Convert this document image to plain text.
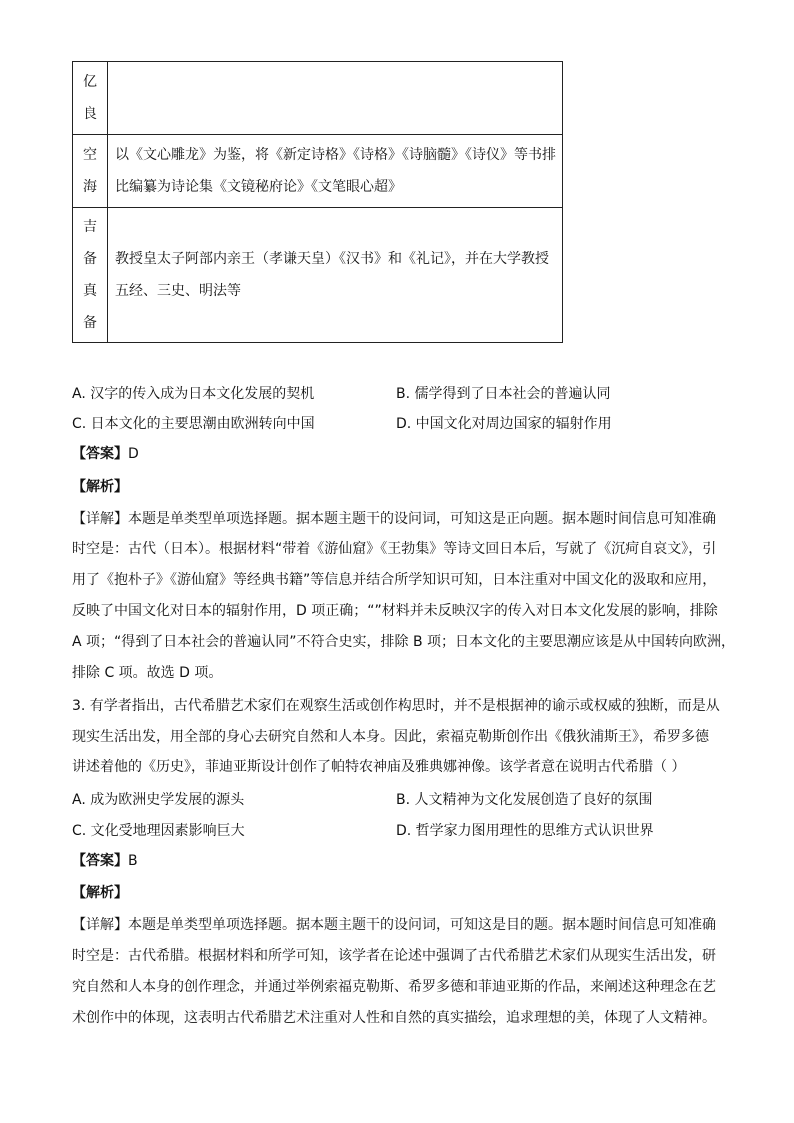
亿
良	

空
海	以《文心雕龙》为鉴，将《新定诗格》《诗格》《诗脑髓》《诗仪》等书排
比编纂为诗论集《文镜秘府论》《文笔眼心超》

吉
备
真
备	教授皇太子阿部内亲王（孝谦天皇）《汉书》和《礼记》，并在大学教授
五经、三史、明法等
A. 汉字的传入成为日本文化发展的契机	B. 儒学得到了日本社会的普遍认同
C. 日本文化的主要思潮由欧洲转向中国	D. 中国文化对周边国家的辐射作用
【答案】D
【解析】
【详解】本题是单类型单项选择题。据本题主题干的设问词，可知这是正向题。据本题时间信息可知准确
时空是：古代（日本）。根据材料“带着《游仙窟》《王勃集》等诗文回日本后，写就了《沉疴自哀文》，引
用了《抱朴子》《游仙窟》等经典书籍”等信息并结合所学知识可知，日本注重对中国文化的汲取和应用，
反映了中国文化对日本的辐射作用，D 项正确；“”材料并未反映汉字的传入对日本文化发展的影响，排除
A 项；“得到了日本社会的普遍认同”不符合史实，排除 B 项；日本文化的主要思潮应该是从中国转向欧洲，
排除 C 项。故选 D 项。
3. 有学者指出，古代希腊艺术家们在观察生活或创作构思时，并不是根据神的谕示或权威的独断，而是从
现实生活出发，用全部的身心去研究自然和人本身。因此，索福克勒斯创作出《俄狄浦斯王》，希罗多德
讲述着他的《历史》，菲迪亚斯设计创作了帕特农神庙及雅典娜神像。该学者意在说明古代希腊（ ）
A. 成为欧洲史学发展的源头	B. 人文精神为文化发展创造了良好的氛围
C. 文化受地理因素影响巨大	D. 哲学家力图用理性的思维方式认识世界
【答案】B
【解析】
【详解】本题是单类型单项选择题。据本题主题干的设问词，可知这是目的题。据本题时间信息可知准确
时空是：古代希腊。根据材料和所学可知，该学者在论述中强调了古代希腊艺术家们从现实生活出发，研
究自然和人本身的创作理念，并通过举例索福克勒斯、希罗多德和菲迪亚斯的作品，来阐述这种理念在艺
术创作中的体现，这表明古代希腊艺术注重对人性和自然的真实描绘，追求理想的美，体现了人文精神。
